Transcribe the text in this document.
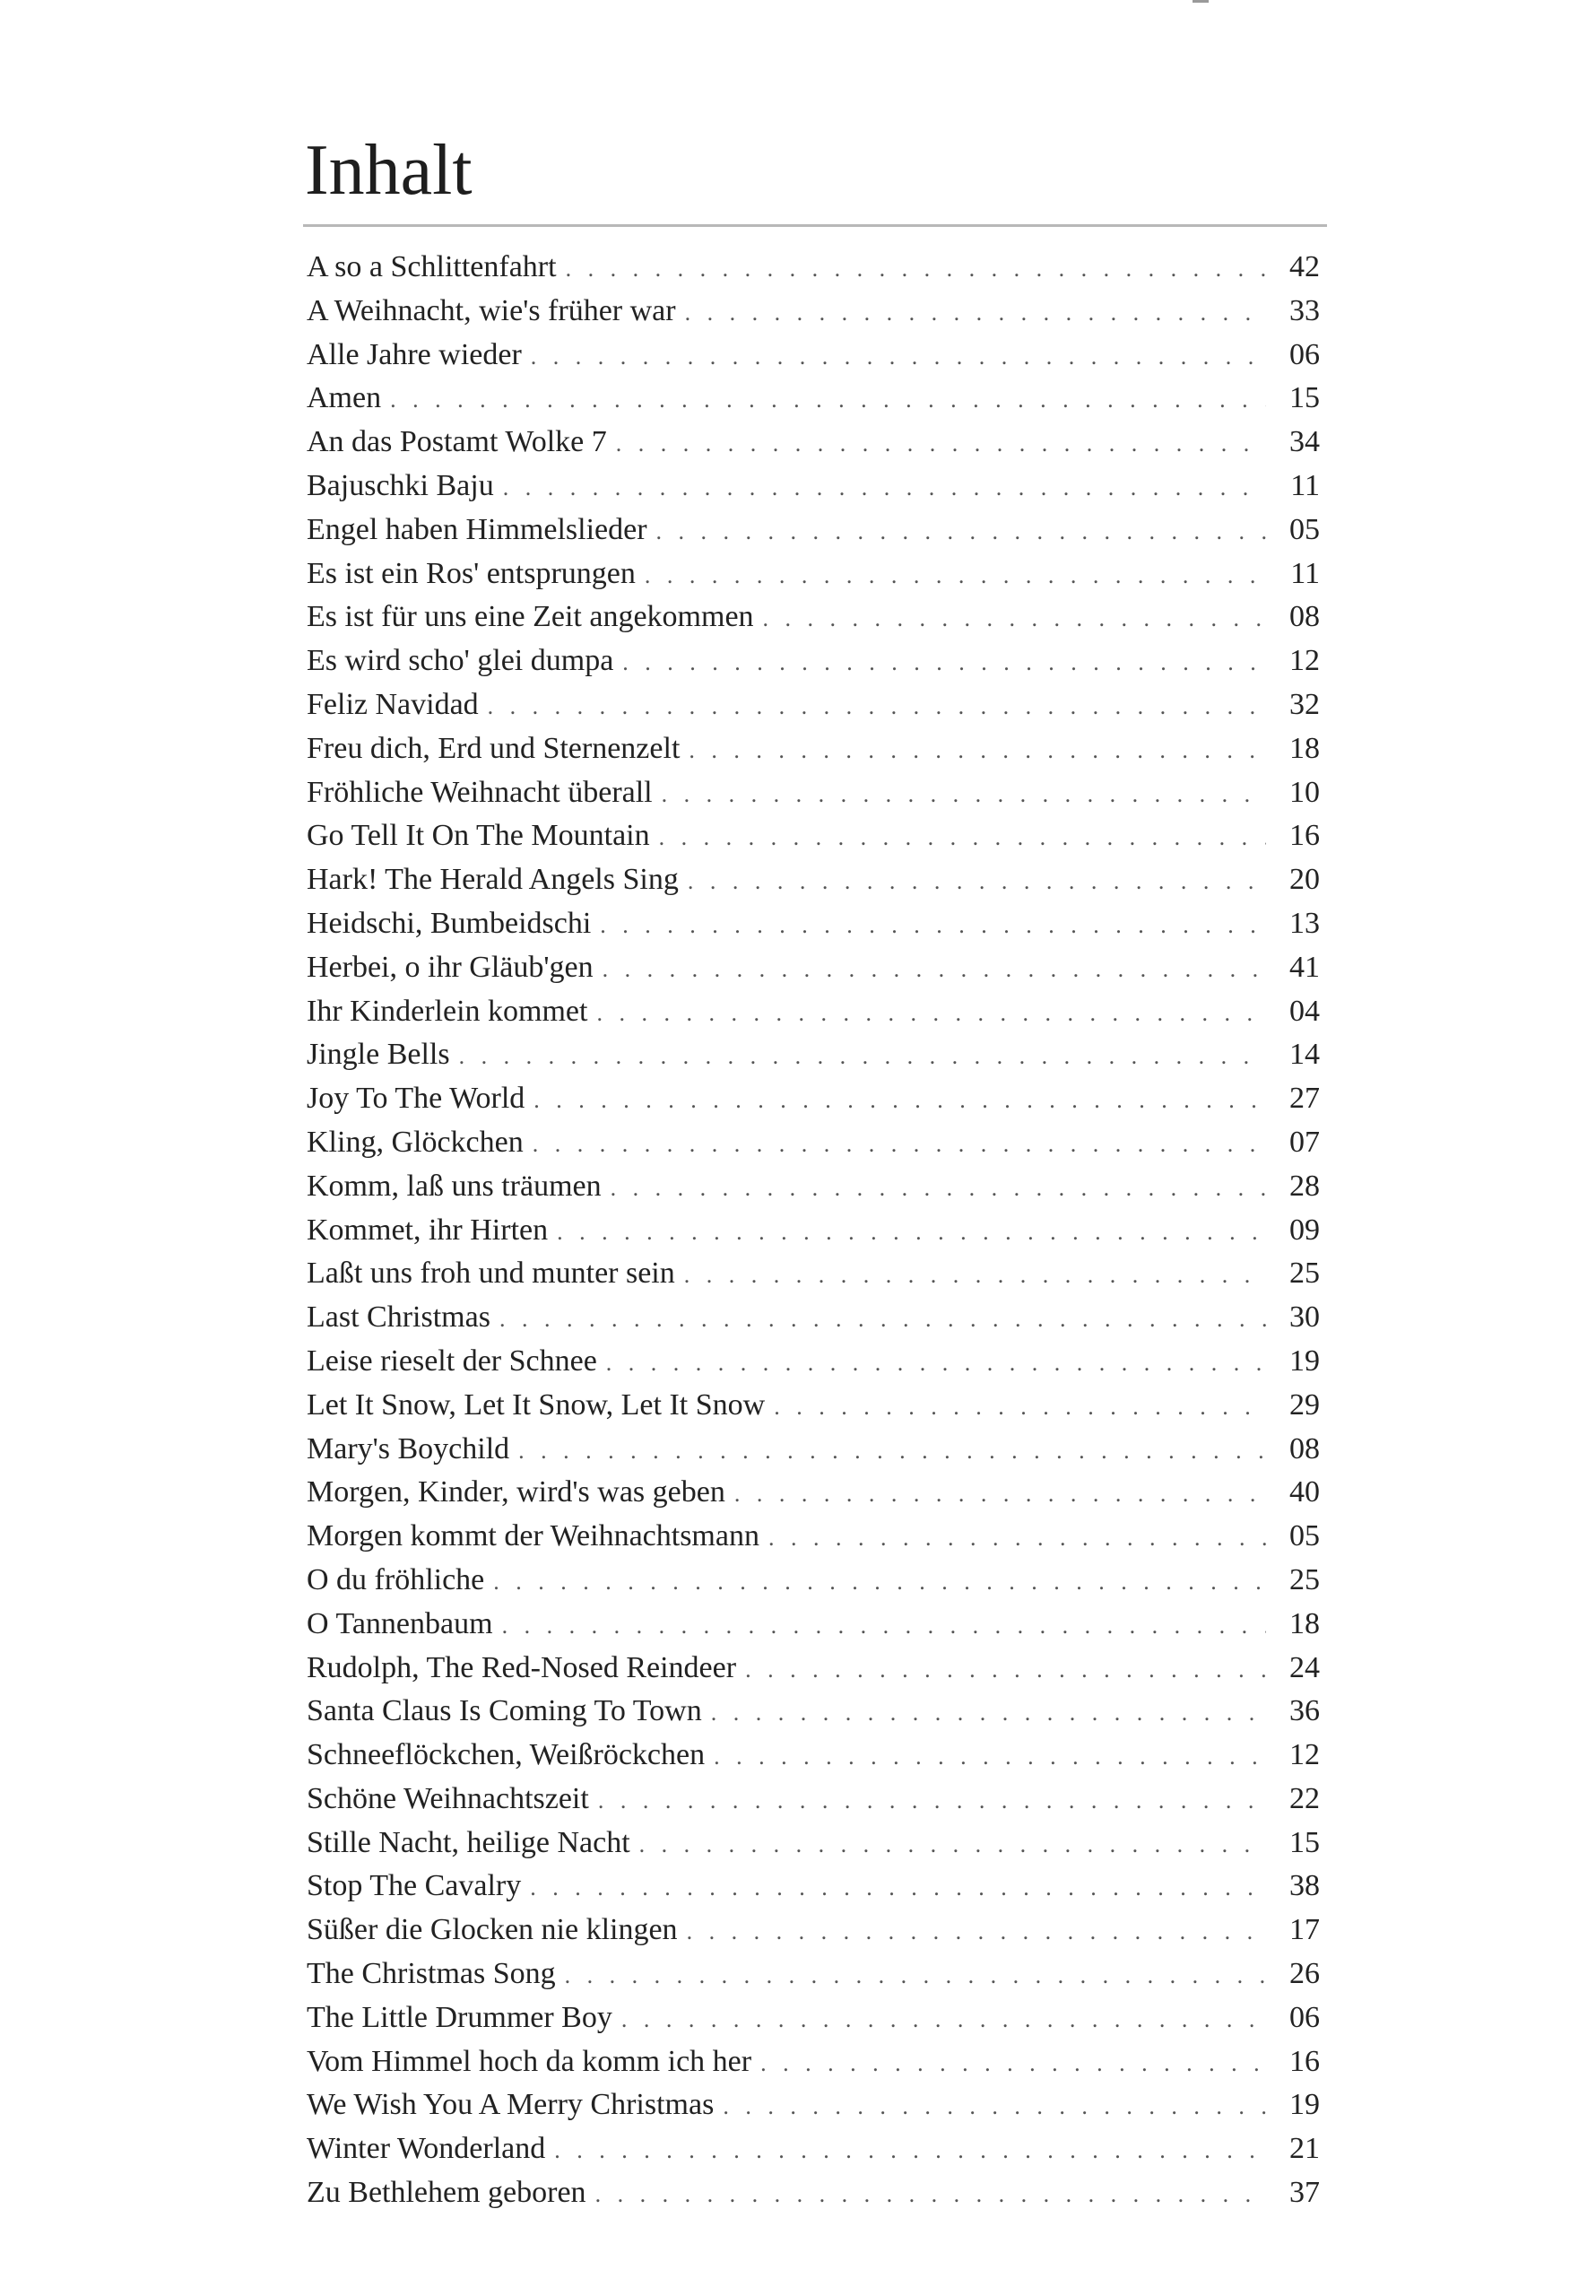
Inhalt
A so a Schlittenfahrt . . .	42
A Weihnacht, wie's früher war . . .	33
Alle Jahre wieder . . .	06
Amen . . .	15
An das Postamt Wolke 7 . . .	34
Bajuschki Baju . . .	11
Engel haben Himmelslieder . . .	05
Es ist ein Ros' entsprungen . . .	11
Es ist für uns eine Zeit angekommen . . .	08
Es wird scho' glei dumpa . . .	12
Feliz Navidad . . .	32
Freu dich, Erd und Sternenzelt . . .	18
Fröhliche Weihnacht überall . . .	10
Go Tell It On The Mountain . . .	16
Hark! The Herald Angels Sing . . .	20
Heidschi, Bumbeidschi . . .	13
Herbei, o ihr Gläub'gen . . .	41
Ihr Kinderlein kommet . . .	04
Jingle Bells . . .	14
Joy To The World . . .	27
Kling, Glöckchen . . .	07
Komm, laß uns träumen . . .	28
Kommet, ihr Hirten . . .	09
Laßt uns froh und munter sein . . .	25
Last Christmas . . .	30
Leise rieselt der Schnee . . .	19
Let It Snow, Let It Snow, Let It Snow . . .	29
Mary's Boychild . . .	08
Morgen, Kinder, wird's was geben . . .	40
Morgen kommt der Weihnachtsmann . . .	05
O du fröhliche . . .	25
O Tannenbaum . . .	18
Rudolph, The Red-Nosed Reindeer . . .	24
Santa Claus Is Coming To Town . . .	36
Schneeflöckchen, Weißröckchen . . .	12
Schöne Weihnachtszeit . . .	22
Stille Nacht, heilige Nacht . . .	15
Stop The Cavalry . . .	38
Süßer die Glocken nie klingen . . .	17
The Christmas Song . . .	26
The Little Drummer Boy . . .	06
Vom Himmel hoch da komm ich her . . .	16
We Wish You A Merry Christmas . . .	19
Winter Wonderland . . .	21
Zu Bethlehem geboren . . .	37
